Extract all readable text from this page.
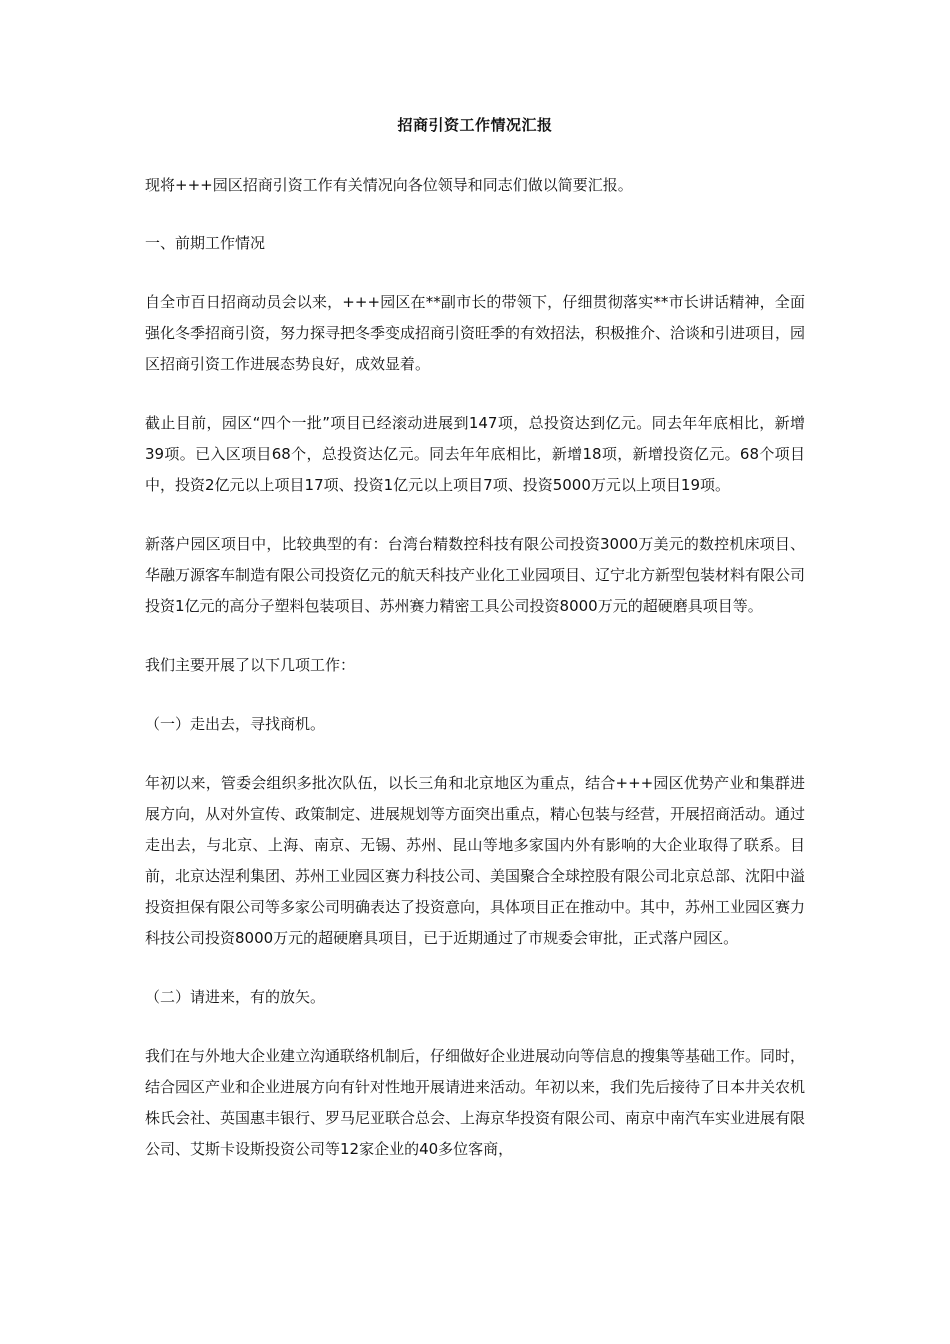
招商引资工作情况汇报

现将+++园区招商引资工作有关情况向各位领导和同志们做以简要汇报。

一、前期工作情况

自全市百日招商动员会以来，+++园区在**副市长的带领下，仔细贯彻落实**市长讲话精神，全面强化冬季招商引资，努力探寻把冬季变成招商引资旺季的有效招法，积极推介、洽谈和引进项目，园区招商引资工作进展态势良好，成效显着。

截止目前，园区“四个一批”项目已经滚动进展到147项，总投资达到亿元。同去年年底相比，新增39项。已入区项目68个，总投资达亿元。同去年年底相比，新增18项，新增投资亿元。68个项目中，投资2亿元以上项目17项、投资1亿元以上项目7项、投资5000万元以上项目19项。

新落户园区项目中，比较典型的有：台湾台精数控科技有限公司投资3000万美元的数控机床项目、华融万源客车制造有限公司投资亿元的航天科技产业化工业园项目、辽宁北方新型包装材料有限公司投资1亿元的高分子塑料包装项目、苏州赛力精密工具公司投资8000万元的超硬磨具项目等。

我们主要开展了以下几项工作：

（一）走出去，寻找商机。

年初以来，管委会组织多批次队伍，以长三角和北京地区为重点，结合+++园区优势产业和集群进展方向，从对外宣传、政策制定、进展规划等方面突出重点，精心包装与经营，开展招商活动。通过走出去，与北京、上海、南京、无锡、苏州、昆山等地多家国内外有影响的大企业取得了联系。目前，北京达涅利集团、苏州工业园区赛力科技公司、美国聚合全球控股有限公司北京总部、沈阳中溢投资担保有限公司等多家公司明确表达了投资意向，具体项目正在推动中。其中，苏州工业园区赛力科技公司投资8000万元的超硬磨具项目，已于近期通过了市规委会审批，正式落户园区。

（二）请进来，有的放矢。

我们在与外地大企业建立沟通联络机制后，仔细做好企业进展动向等信息的搜集等基础工作。同时，结合园区产业和企业进展方向有针对性地开展请进来活动。年初以来，我们先后接待了日本井关农机株氏会社、英国惠丰银行、罗马尼亚联合总会、上海京华投资有限公司、南京中南汽车实业进展有限公司、艾斯卡设斯投资公司等12家企业的40多位客商，
